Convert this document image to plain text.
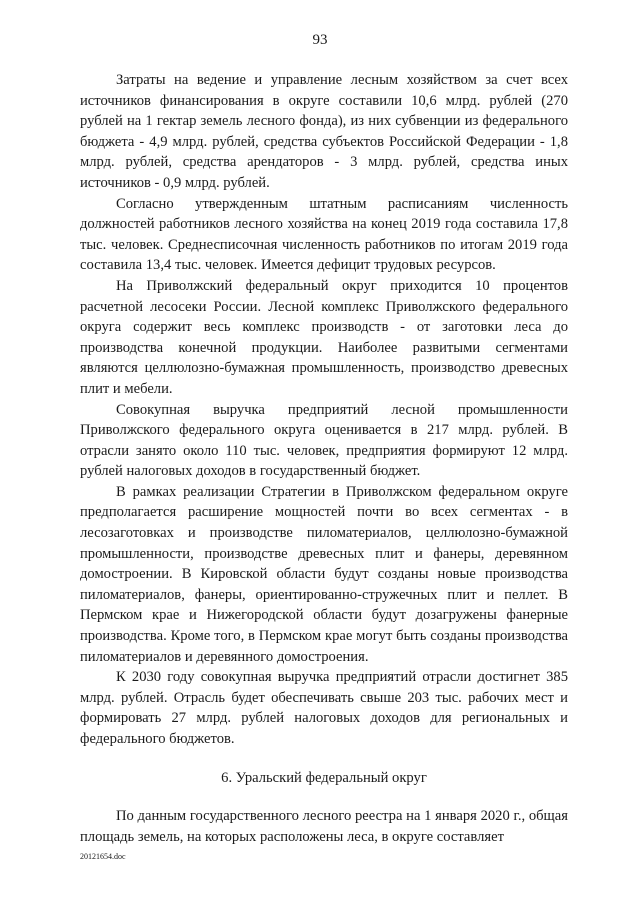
93

Затраты на ведение и управление лесным хозяйством за счет всех источников финансирования в округе составили 10,6 млрд. рублей (270 рублей на 1 гектар земель лесного фонда), из них субвенции из федерального бюджета - 4,9 млрд. рублей, средства субъектов Российской Федерации - 1,8 млрд. рублей, средства арендаторов - 3 млрд. рублей, средства иных источников - 0,9 млрд. рублей.

Согласно утвержденным штатным расписаниям численность должностей работников лесного хозяйства на конец 2019 года составила 17,8 тыс. человек. Среднесписочная численность работников по итогам 2019 года составила 13,4 тыс. человек. Имеется дефицит трудовых ресурсов.

На Приволжский федеральный округ приходится 10 процентов расчетной лесосеки России. Лесной комплекс Приволжского федерального округа содержит весь комплекс производств - от заготовки леса до производства конечной продукции. Наиболее развитыми сегментами являются целлюлозно-бумажная промышленность, производство древесных плит и мебели.

Совокупная выручка предприятий лесной промышленности Приволжского федерального округа оценивается в 217 млрд. рублей. В отрасли занято около 110 тыс. человек, предприятия формируют 12 млрд. рублей налоговых доходов в государственный бюджет.

В рамках реализации Стратегии в Приволжском федеральном округе предполагается расширение мощностей почти во всех сегментах - в лесозаготовках и производстве пиломатериалов, целлюлозно-бумажной промышленности, производстве древесных плит и фанеры, деревянном домостроении. В Кировской области будут созданы новые производства пиломатериалов, фанеры, ориентированно-стружечных плит и пеллет. В Пермском крае и Нижегородской области будут дозагружены фанерные производства. Кроме того, в Пермском крае могут быть созданы производства пиломатериалов и деревянного домостроения.

К 2030 году совокупная выручка предприятий отрасли достигнет 385 млрд. рублей. Отрасль будет обеспечивать свыше 203 тыс. рабочих мест и формировать 27 млрд. рублей налоговых доходов для региональных и федерального бюджетов.

6. Уральский федеральный округ

По данным государственного лесного реестра на 1 января 2020 г., общая площадь земель, на которых расположены леса, в округе составляет

20121654.doc
